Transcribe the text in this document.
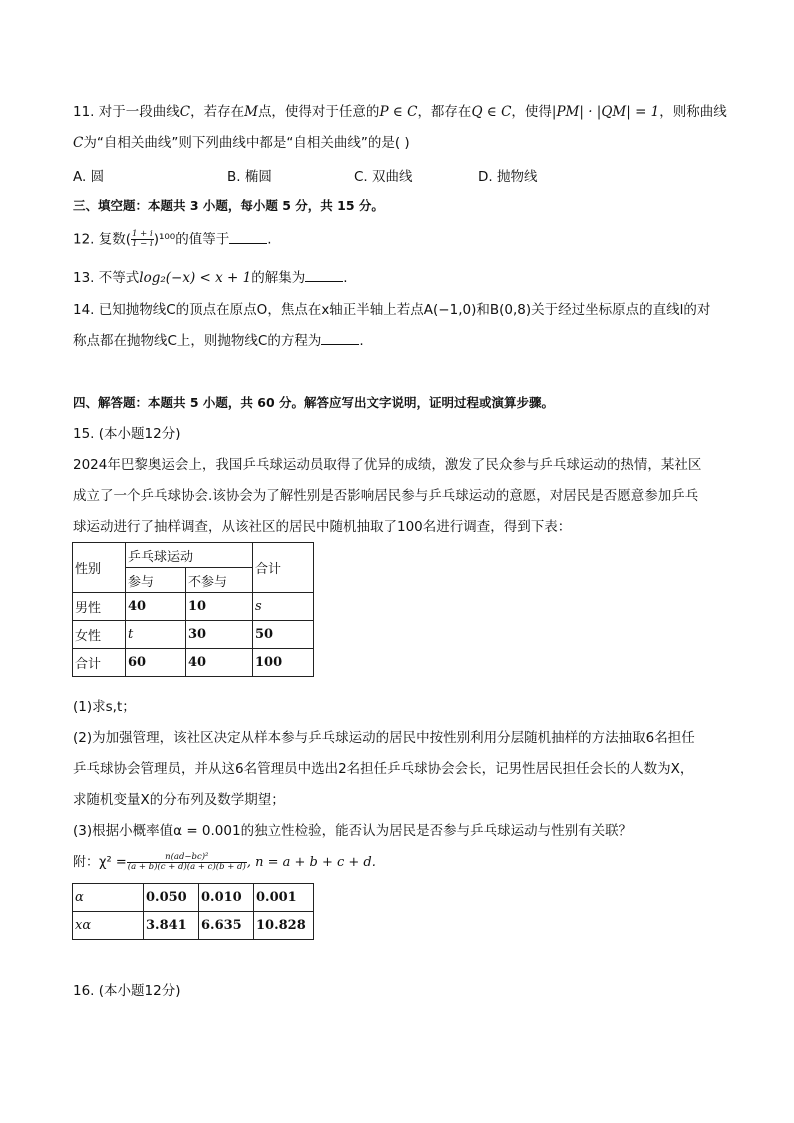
11. 对于一段曲线C，若存在M点，使得对于任意的P ∈ C，都存在Q ∈ C，使得|PM| · |QM| = 1，则称曲线
C为“自相关曲线”则下列曲线中都是“自相关曲线”的是( )
A. 圆	B. 椭圆	C. 双曲线	D. 抛物线
三、填空题：本题共 3 小题，每小题 5 分，共 15 分。
12. 复数( $\frac{1 + i}{1 - i} )^{100}$的值等于	.
13. 不等式log₂(−x) < x + 1的解集为	.
14. 已知抛物线C的顶点在原点O，焦点在x轴正半轴上若点A(−1,0)和B(0,8)关于经过坐标原点的直线l的对
称点都在抛物线C上，则抛物线C的方程为	.
四、解答题：本题共 5 小题，共 60 分。解答应写出文字说明，证明过程或演算步骤。
15. (本小题12分)
2024年巴黎奥运会上，我国乒乓球运动员取得了优异的成绩，激发了民众参与乒乓球运动的热情，某社区
成立了一个乒乓球协会.该协会为了解性别是否影响居民参与乒乓球运动的意愿，对居民是否愿意参加乒乓
球运动进行了抽样调查，从该社区的居民中随机抽取了100名进行调查，得到下表：
性别	乒乓球运动		合计
	参与	不参与	
男性	40	10	s
女性	t	30	50
合计	60	40	100
(1)求s,t；
(2)为加强管理，该社区决定从样本参与乒乓球运动的居民中按性别利用分层随机抽样的方法抽取6名担任
乒乓球协会管理员，并从这6名管理员中选出2名担任乒乓球协会会长，记男性居民担任会长的人数为X，
求随机变量X的分布列及数学期望；
(3)根据小概率值α = 0.001的独立性检验，能否认为居民是否参与乒乓球运动与性别有关联？
附：$\chi^2 = \frac{\text{n(ad−bc)²}}{(a + b)(c + d)(a + c)(b + d)}$ , n = a + b + c + d.
α	0.050	0.010	0.001
xα	3.841	6.635	10.828
16. (本小题12分)
